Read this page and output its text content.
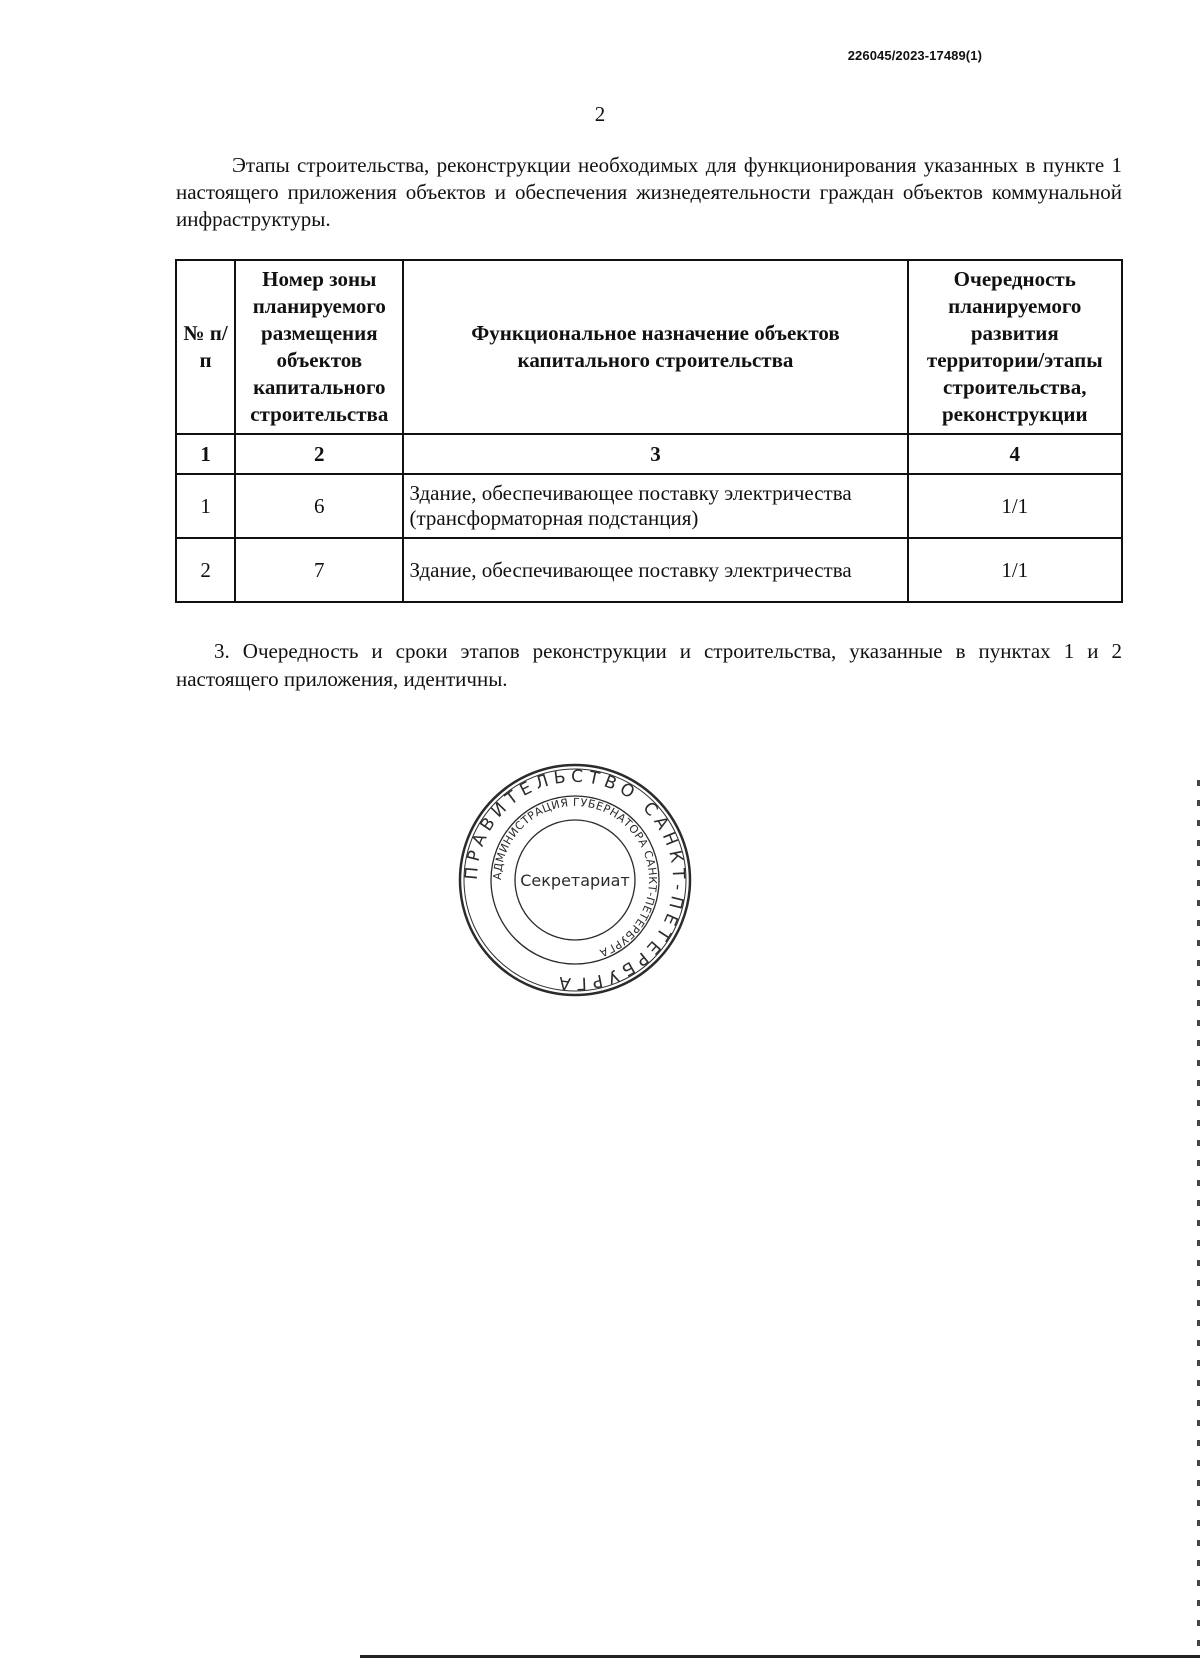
226045/2023-17489(1)
2

Этапы строительства, реконструкции необходимых для функционирования указанных в пункте 1 настоящего приложения объектов и обеспечения жизнедеятельности граждан объектов коммунальной инфраструктуры.

№ п/п	Номер зоны планируемого размещения объектов капитального строительства	Функциональное назначение объектов капитального строительства	Очередность планируемого развития территории/этапы строительства, реконструкции
1	2	3	4
1	6	Здание, обеспечивающее поставку электричества (трансформаторная подстанция)	1/1
2	7	Здание, обеспечивающее поставку электричества	1/1

3. Очередность и сроки этапов реконструкции и строительства, указанные в пунктах 1 и 2 настоящего приложения, идентичны.

ПРАВИТЕЛЬСТВО САНКТ-ПЕТЕРБУРГА
АДМИНИСТРАЦИЯ ГУБЕРНАТОРА САНКТ-ПЕТЕРБУРГА
Секретариат
